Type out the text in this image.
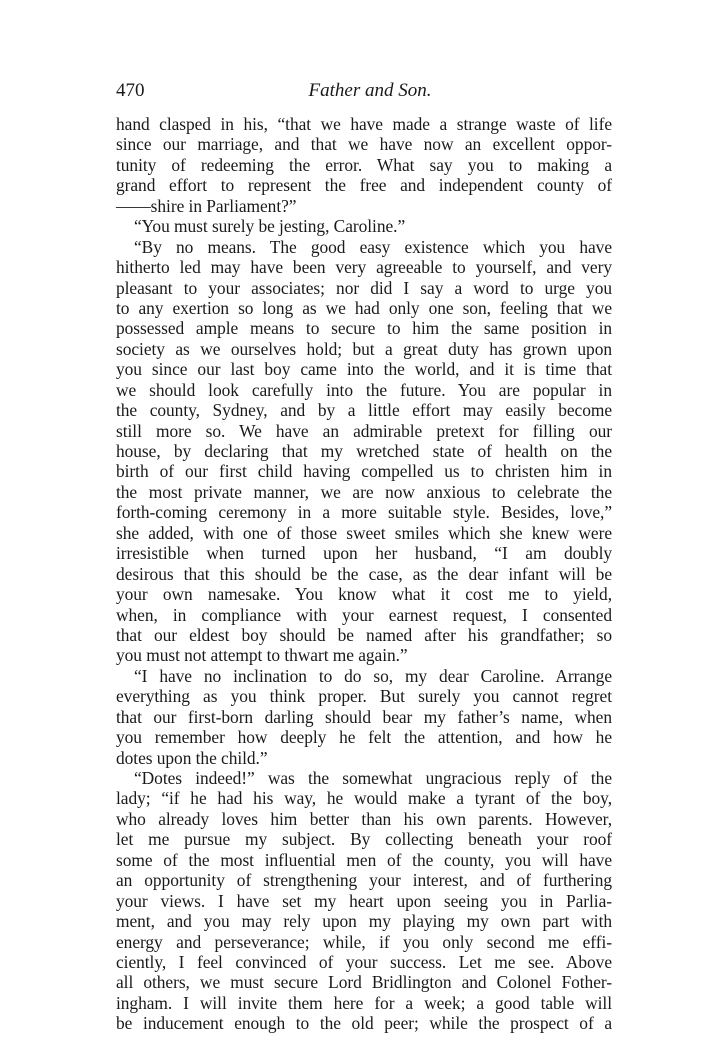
470	Father and Son.
hand clasped in his, “that we have made a strange waste of life
since our marriage, and that we have now an excellent oppor-
tunity of redeeming the error. What say you to making a
grand effort to represent the free and independent county of
——shire in Parliament?”
“You must surely be jesting, Caroline.”
“By no means. The good easy existence which you have
hitherto led may have been very agreeable to yourself, and very
pleasant to your associates; nor did I say a word to urge you
to any exertion so long as we had only one son, feeling that we
possessed ample means to secure to him the same position in
society as we ourselves hold; but a great duty has grown upon
you since our last boy came into the world, and it is time that
we should look carefully into the future. You are popular in
the county, Sydney, and by a little effort may easily become
still more so. We have an admirable pretext for filling our
house, by declaring that my wretched state of health on the
birth of our first child having compelled us to christen him in
the most private manner, we are now anxious to celebrate the
forth-coming ceremony in a more suitable style. Besides, love,”
she added, with one of those sweet smiles which she knew were
irresistible when turned upon her husband, “I am doubly
desirous that this should be the case, as the dear infant will be
your own namesake. You know what it cost me to yield,
when, in compliance with your earnest request, I consented
that our eldest boy should be named after his grandfather; so
you must not attempt to thwart me again.”
“I have no inclination to do so, my dear Caroline. Arrange
everything as you think proper. But surely you cannot regret
that our first-born darling should bear my father’s name, when
you remember how deeply he felt the attention, and how he
dotes upon the child.”
“Dotes indeed!” was the somewhat ungracious reply of the
lady; “if he had his way, he would make a tyrant of the boy,
who already loves him better than his own parents. However,
let me pursue my subject. By collecting beneath your roof
some of the most influential men of the county, you will have
an opportunity of strengthening your interest, and of furthering
your views. I have set my heart upon seeing you in Parlia-
ment, and you may rely upon my playing my own part with
energy and perseverance; while, if you only second me effi-
ciently, I feel convinced of your success. Let me see. Above
all others, we must secure Lord Bridlington and Colonel Fother-
ingham. I will invite them here for a week; a good table will
be inducement enough to the old peer; while the prospect of a
